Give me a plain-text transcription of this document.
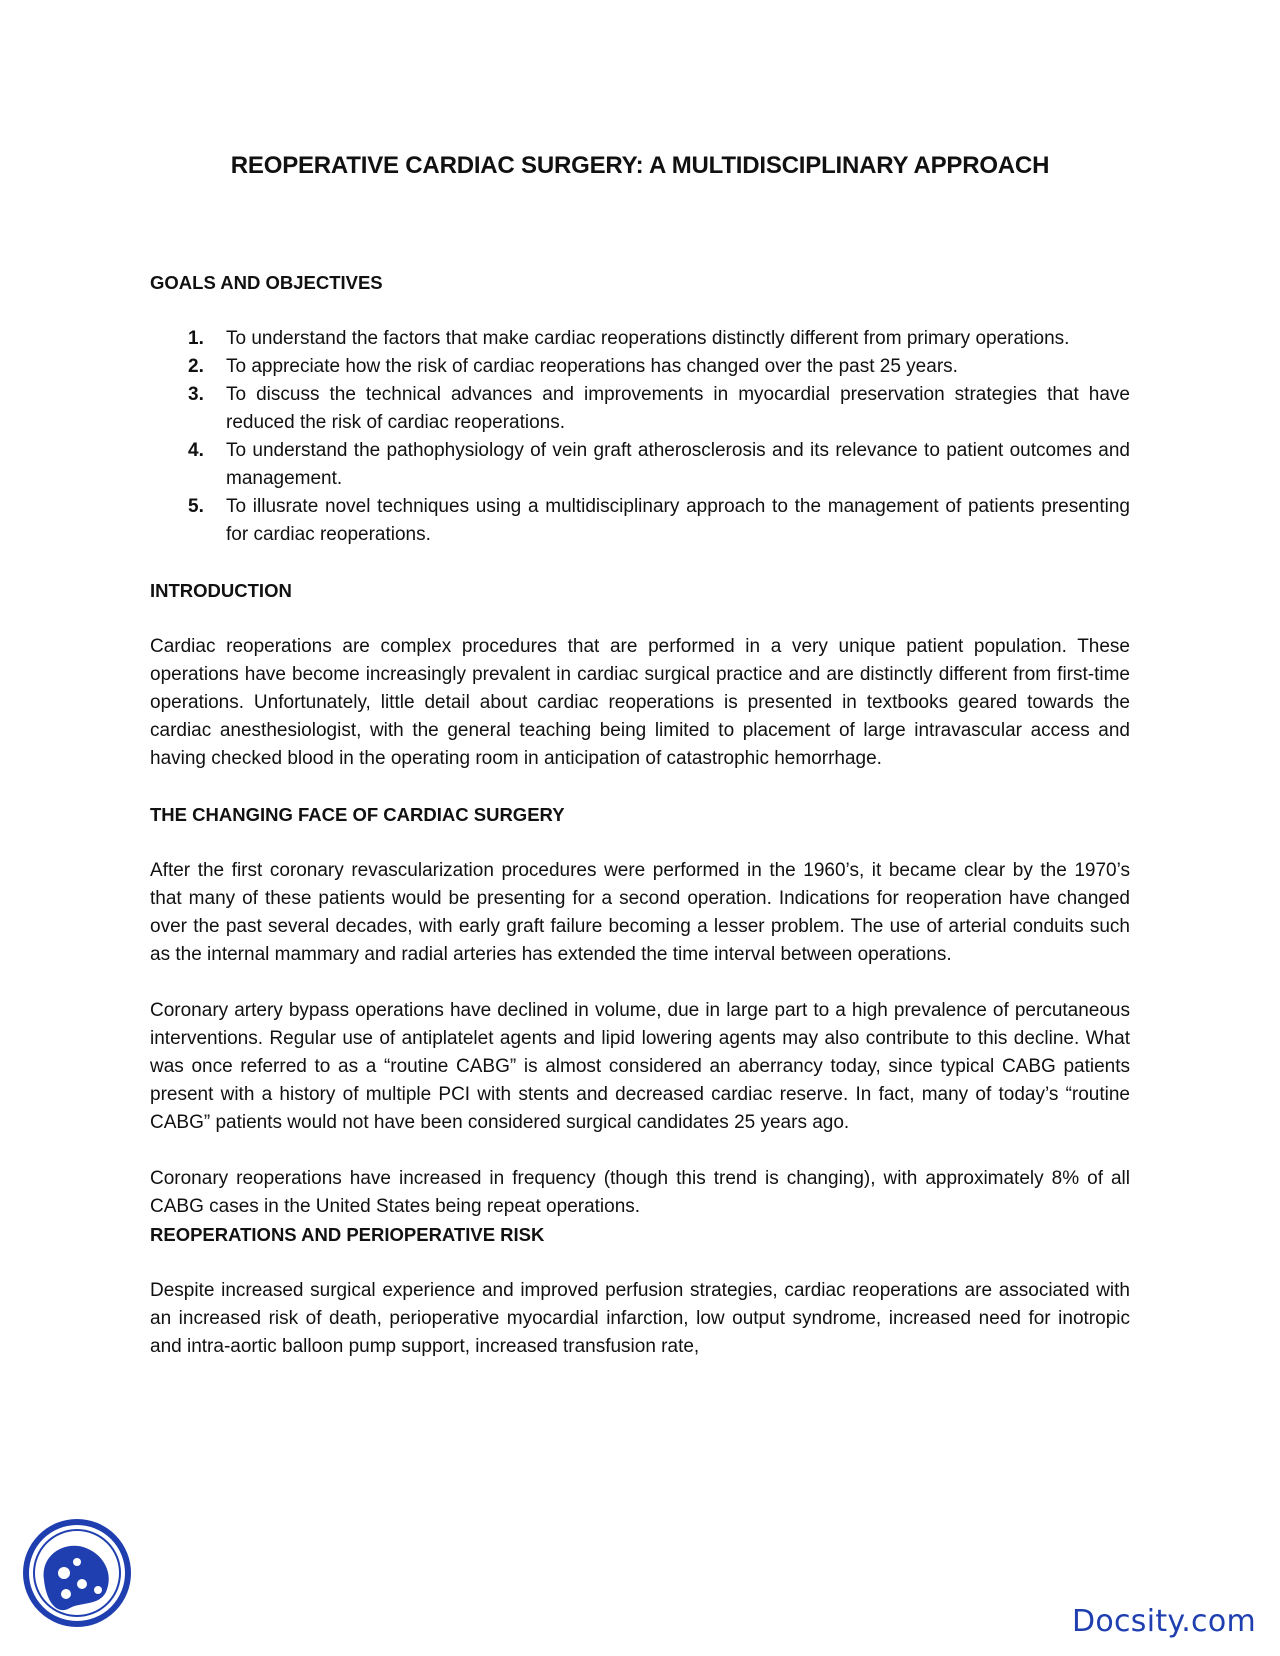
REOPERATIVE CARDIAC SURGERY: A MULTIDISCIPLINARY APPROACH

GOALS AND OBJECTIVES

1. To understand the factors that make cardiac reoperations distinctly different from primary operations.
2. To appreciate how the risk of cardiac reoperations has changed over the past 25 years.
3. To discuss the technical advances and improvements in myocardial preservation strategies that have reduced the risk of cardiac reoperations.
4. To understand the pathophysiology of vein graft atherosclerosis and its relevance to patient outcomes and management.
5. To illusrate novel techniques using a multidisciplinary approach to the management of patients presenting for cardiac reoperations.

INTRODUCTION

Cardiac reoperations are complex procedures that are performed in a very unique patient population. These operations have become increasingly prevalent in cardiac surgical practice and are distinctly different from first-time operations. Unfortunately, little detail about cardiac reoperations is presented in textbooks geared towards the cardiac anesthesiologist, with the general teaching being limited to placement of large intravascular access and having checked blood in the operating room in anticipation of catastrophic hemorrhage.

THE CHANGING FACE OF CARDIAC SURGERY

After the first coronary revascularization procedures were performed in the 1960’s, it became clear by the 1970’s that many of these patients would be presenting for a second operation. Indications for reoperation have changed over the past several decades, with early graft failure becoming a lesser problem. The use of arterial conduits such as the internal mammary and radial arteries has extended the time interval between operations.

Coronary artery bypass operations have declined in volume, due in large part to a high prevalence of percutaneous interventions. Regular use of antiplatelet agents and lipid lowering agents may also contribute to this decline. What was once referred to as a “routine CABG” is almost considered an aberrancy today, since typical CABG patients present with a history of multiple PCI with stents and decreased cardiac reserve. In fact, many of today’s “routine CABG” patients would not have been considered surgical candidates 25 years ago.

Coronary reoperations have increased in frequency (though this trend is changing), with approximately 8% of all CABG cases in the United States being repeat operations.

REOPERATIONS AND PERIOPERATIVE RISK

Despite increased surgical experience and improved perfusion strategies, cardiac reoperations are associated with an increased risk of death, perioperative myocardial infarction, low output syndrome, increased need for inotropic and intra-aortic balloon pump support, increased transfusion rate,

Docsity.com
